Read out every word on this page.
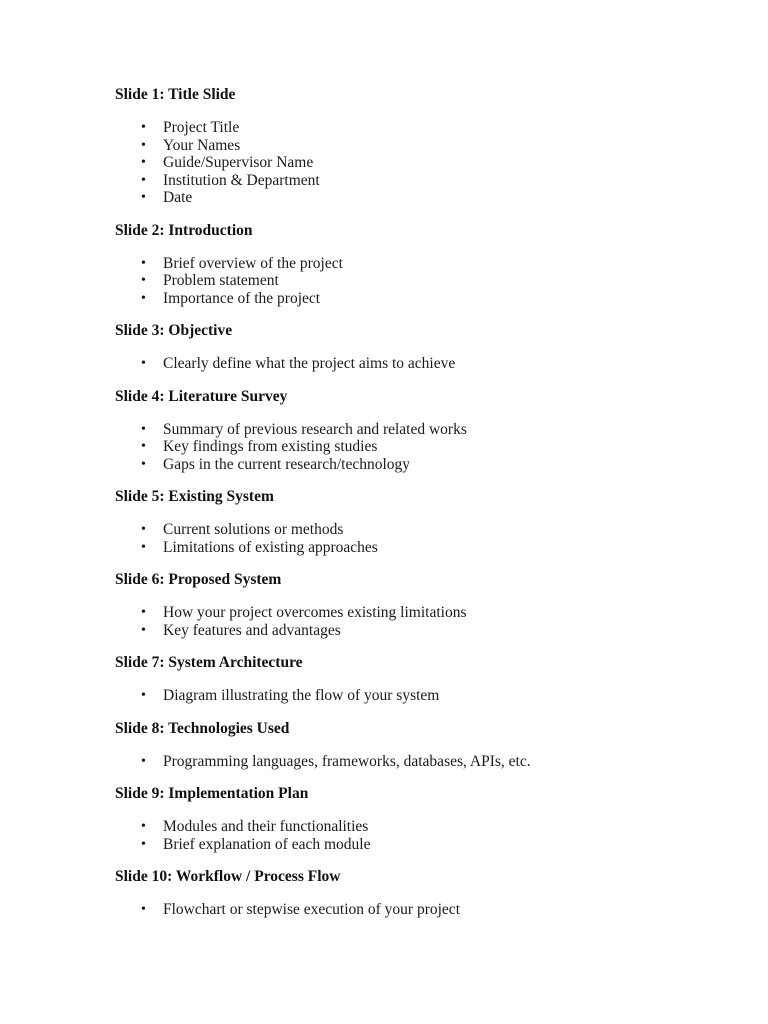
Slide 1: Title Slide
• Project Title
• Your Names
• Guide/Supervisor Name
• Institution & Department
• Date
Slide 2: Introduction
• Brief overview of the project
• Problem statement
• Importance of the project
Slide 3: Objective
• Clearly define what the project aims to achieve
Slide 4: Literature Survey
• Summary of previous research and related works
• Key findings from existing studies
• Gaps in the current research/technology
Slide 5: Existing System
• Current solutions or methods
• Limitations of existing approaches
Slide 6: Proposed System
• How your project overcomes existing limitations
• Key features and advantages
Slide 7: System Architecture
• Diagram illustrating the flow of your system
Slide 8: Technologies Used
• Programming languages, frameworks, databases, APIs, etc.
Slide 9: Implementation Plan
• Modules and their functionalities
• Brief explanation of each module
Slide 10: Workflow / Process Flow
• Flowchart or stepwise execution of your project
